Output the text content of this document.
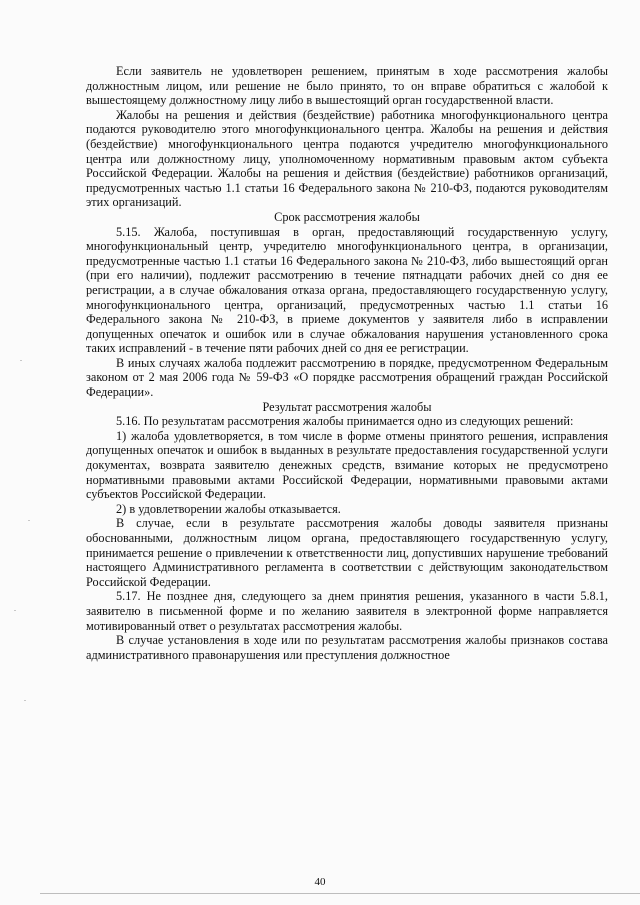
Если заявитель не удовлетворен решением, принятым в ходе рассмотрения жалобы должностным лицом, или решение не было принято, то он вправе обратиться с жалобой к вышестоящему должностному лицу либо в вышестоящий орган государственной власти.

Жалобы на решения и действия (бездействие) работника многофункционального центра подаются руководителю этого многофункционального центра. Жалобы на решения и действия (бездействие) многофункционального центра подаются учредителю многофункционального центра или должностному лицу, уполномоченному нормативным правовым актом субъекта Российской Федерации. Жалобы на решения и действия (бездействие) работников организаций, предусмотренных частью 1.1 статьи 16 Федерального закона № 210-ФЗ, подаются руководителям этих организаций.

Срок рассмотрения жалобы

5.15. Жалоба, поступившая в орган, предоставляющий государственную услугу, многофункциональный центр, учредителю многофункционального центра, в организации, предусмотренные частью 1.1 статьи 16 Федерального закона № 210-ФЗ, либо вышестоящий орган (при его наличии), подлежит рассмотрению в течение пятнадцати рабочих дней со дня ее регистрации, а в случае обжалования отказа органа, предоставляющего государственную услугу, многофункционального центра, организаций, предусмотренных частью 1.1 статьи 16 Федерального закона № 210-ФЗ, в приеме документов у заявителя либо в исправлении допущенных опечаток и ошибок или в случае обжалования нарушения установленного срока таких исправлений - в течение пяти рабочих дней со дня ее регистрации.

В иных случаях жалоба подлежит рассмотрению в порядке, предусмотренном Федеральным законом от 2 мая 2006 года № 59-ФЗ «О порядке рассмотрения обращений граждан Российской Федерации».

Результат рассмотрения жалобы

5.16. По результатам рассмотрения жалобы принимается одно из следующих решений:

1) жалоба удовлетворяется, в том числе в форме отмены принятого решения, исправления допущенных опечаток и ошибок в выданных в результате предоставления государственной услуги документах, возврата заявителю денежных средств, взимание которых не предусмотрено нормативными правовыми актами Российской Федерации, нормативными правовыми актами субъектов Российской Федерации.

2) в удовлетворении жалобы отказывается.

В случае, если в результате рассмотрения жалобы доводы заявителя признаны обоснованными, должностным лицом органа, предоставляющего государственную услугу, принимается решение о привлечении к ответственности лиц, допустивших нарушение требований настоящего Административного регламента в соответствии с действующим законодательством Российской Федерации.

5.17. Не позднее дня, следующего за днем принятия решения, указанного в части 5.8.1, заявителю в письменной форме и по желанию заявителя в электронной форме направляется мотивированный ответ о результатах рассмотрения жалобы.

В случае установления в ходе или по результатам рассмотрения жалобы признаков состава административного правонарушения или преступления должностное

40
